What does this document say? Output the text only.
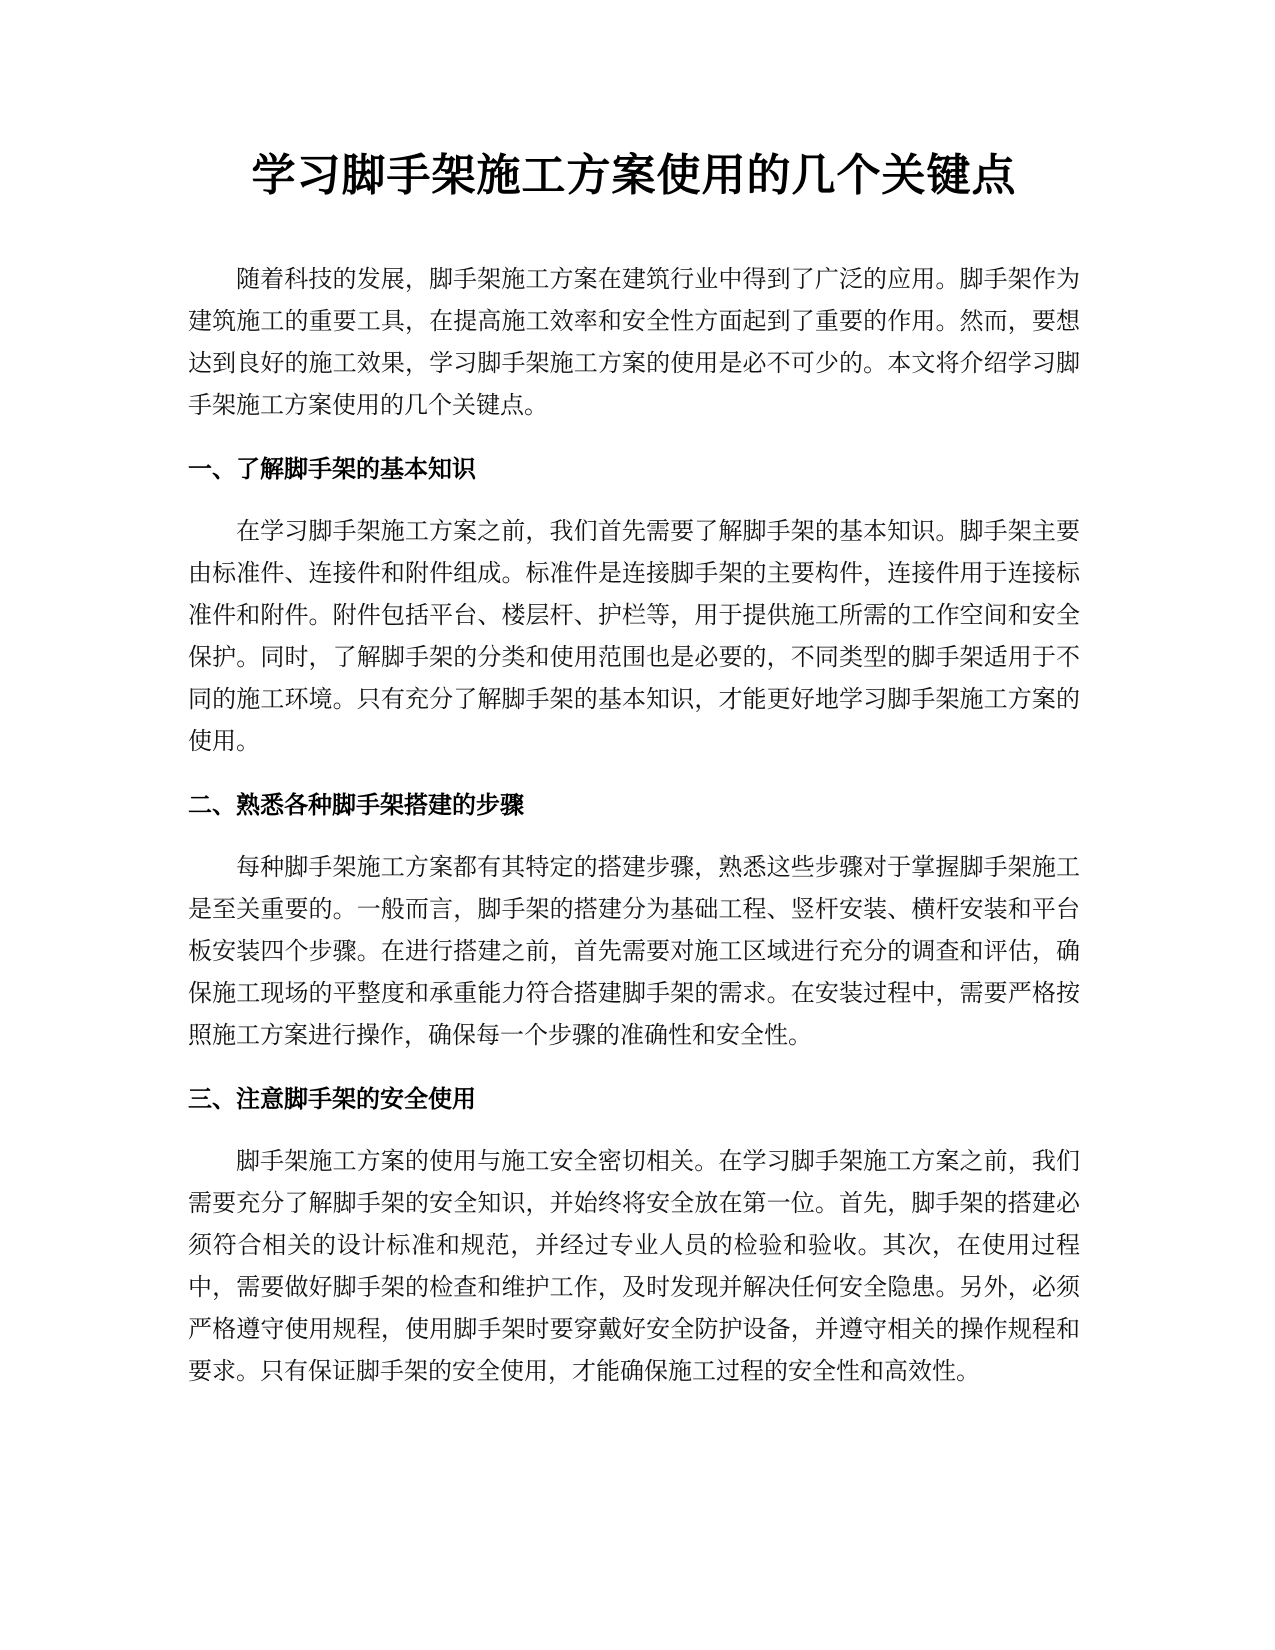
学习脚手架施工方案使用的几个关键点

随着科技的发展，脚手架施工方案在建筑行业中得到了广泛的应用。脚手架作为建筑施工的重要工具，在提高施工效率和安全性方面起到了重要的作用。然而，要想达到良好的施工效果，学习脚手架施工方案的使用是必不可少的。本文将介绍学习脚手架施工方案使用的几个关键点。

一、了解脚手架的基本知识

在学习脚手架施工方案之前，我们首先需要了解脚手架的基本知识。脚手架主要由标准件、连接件和附件组成。标准件是连接脚手架的主要构件，连接件用于连接标准件和附件。附件包括平台、楼层杆、护栏等，用于提供施工所需的工作空间和安全保护。同时，了解脚手架的分类和使用范围也是必要的，不同类型的脚手架适用于不同的施工环境。只有充分了解脚手架的基本知识，才能更好地学习脚手架施工方案的使用。

二、熟悉各种脚手架搭建的步骤

每种脚手架施工方案都有其特定的搭建步骤，熟悉这些步骤对于掌握脚手架施工是至关重要的。一般而言，脚手架的搭建分为基础工程、竖杆安装、横杆安装和平台板安装四个步骤。在进行搭建之前，首先需要对施工区域进行充分的调查和评估，确保施工现场的平整度和承重能力符合搭建脚手架的需求。在安装过程中，需要严格按照施工方案进行操作，确保每一个步骤的准确性和安全性。

三、注意脚手架的安全使用

脚手架施工方案的使用与施工安全密切相关。在学习脚手架施工方案之前，我们需要充分了解脚手架的安全知识，并始终将安全放在第一位。首先，脚手架的搭建必须符合相关的设计标准和规范，并经过专业人员的检验和验收。其次，在使用过程中，需要做好脚手架的检查和维护工作，及时发现并解决任何安全隐患。另外，必须严格遵守使用规程，使用脚手架时要穿戴好安全防护设备，并遵守相关的操作规程和要求。只有保证脚手架的安全使用，才能确保施工过程的安全性和高效性。
